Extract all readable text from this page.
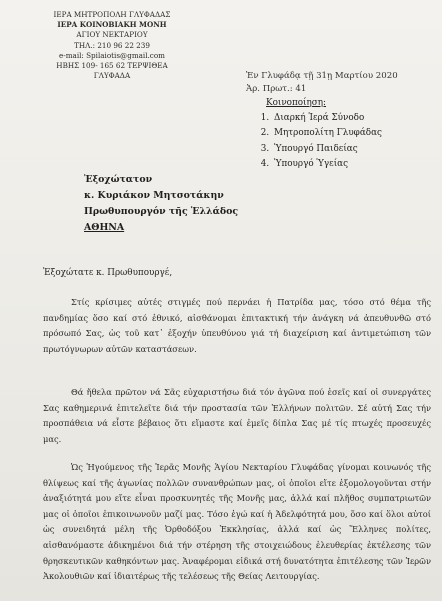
ΙΕΡΑ ΜΗΤΡΟΠΟΛΗ ΓΛΥΦΑΔΑΣ
ΙΕΡΑ ΚΟΙΝΟΒΙΑΚΗ ΜΟΝΗ
ΑΓΙΟΥ ΝΕΚΤΑΡΙΟΥ
ΤΗΛ.: 210 96 22 239
e-mail: Spilaiotis@gmail.com
ΗΒΗΣ 109- 165 62 ΤΕΡΨΙΘΕΑ ΓΛΥΦΑΔΑ	Ἐν Γλυφάδᾳ τῇ 31ῃ Μαρτίου 2020
Ἀρ. Πρωτ.: 41
Κοινοποίηση:
1. Διαρκή Ἱερά Σύνοδο
2. Μητροπολίτη Γλυφάδας
3. Ὑπουργό Παιδείας
4. Ὑπουργό Ὑγείας
Ἐξοχώτατον
κ. Κυριάκον Μητσοτάκην
Πρωθυπουργόν τῆς Ἑλλάδος
ΑΘΗΝΑ
Ἐξοχώτατε κ. Πρωθυπουργέ,
Στίς κρίσιμες αὐτές στιγμές πού περνάει ἡ Πατρίδα μας, τόσο στό θέμα τῆς πανδημίας ὅσο καί στό ἐθνικό, αἰσθάνομαι ἐπιτακτική τήν ἀνάγκη νά ἀπευθυνθῶ στό πρόσωπό Σας, ὡς τοῦ κατ᾽ ἐξοχήν ὑπευθύνου γιά τή διαχείριση καί ἀντιμετώπιση τῶν πρωτόγνωρων αὐτῶν καταστάσεων.
Θά ἤθελα πρῶτον νά Σᾶς εὐχαριστήσω διά τόν ἀγῶνα πού ἐσεῖς καί οἱ συνεργάτες Σας καθημερινά ἐπιτελεῖτε διά τήν προστασία τῶν Ἑλλήνων πολιτῶν. Σέ αὐτή Σας τήν προσπάθεια νά εἶστε βέβαιος ὅτι εἴμαστε καί ἐμεῖς δίπλα Σας μέ τίς πτωχές προσευχές μας.
Ὡς Ἡγούμενος τῆς Ἱερᾶς Μονῆς Ἁγίου Νεκταρίου Γλυφάδας γίνομαι κοινωνός τῆς θλίψεως καί τῆς ἀγωνίας πολλῶν συνανθρώπων μας, οἱ ὁποῖοι εἴτε ἐξομολογοῦνται στήν ἀναξιότητά μου εἴτε εἶναι προσκυνητές τῆς Μονῆς μας, ἀλλά καί πλῆθος συμπατριωτῶν μας οἱ ὁποῖοι ἐπικοινωνοῦν μαζί μας. Τόσο ἐγώ καί ἡ Ἀδελφότητά μου, ὅσο καί ὅλοι αὐτοί ὡς συνειδητά μέλη τῆς Ὀρθοδόξου Ἐκκλησίας, ἀλλά καί ὡς Ἕλληνες πολίτες, αἰσθανόμαστε ἀδικημένοι διά τήν στέρηση τῆς στοιχειώδους ἐλευθερίας ἐκτέλεσης τῶν θρησκευτικῶν καθηκόντων μας. Ἀναφέρομαι εἰδικά στή δυνατότητα ἐπιτέλεσης τῶν Ἱερῶν Ἀκολουθιῶν καί ἰδιαιτέρως τῆς τελέσεως τῆς Θείας Λειτουργίας.
